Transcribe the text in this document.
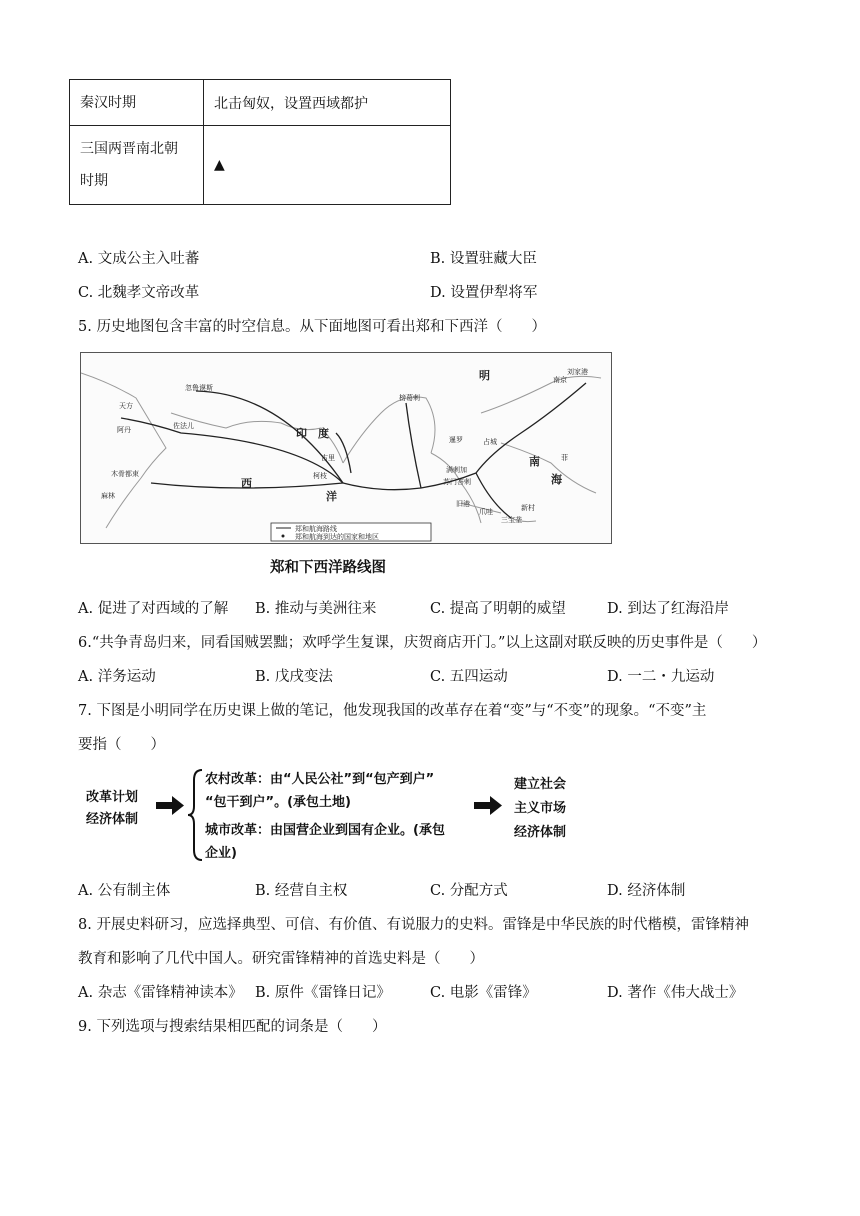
秦汉时期	北击匈奴，设置西域都护

三国两晋南北朝
时期	▲
A. 文成公主入吐蕃	B. 设置驻藏大臣
C. 北魏孝文帝改革	D. 设置伊犁将军
5. 历史地图包含丰富的时空信息。从下面地图可看出郑和下西洋（　　）
明
印　度
忽鲁谟斯
天方
阿丹	佐法儿
木骨都束
麻林
西
洋
古里
柯枝
榜葛剌
暹罗	占城
南京
刘家港
满剌加
苏门答剌
爪哇
旧港
南
海
三宝垄
新村
菲
郑和航海路线
郑和航海到达的国家和地区
郑和下西洋路线图
A. 促进了对西域的了解 B. 推动与美洲往来	C. 提高了明朝的威望	D. 到达了红海沿岸
6.“共争青岛归来，同看国贼罢黜；欢呼学生复课，庆贺商店开门。”以上这副对联反映的历史事件是（　　）
A. 洋务运动	B. 戊戌变法	C. 五四运动	D. 一二・九运动
7. 下图是小明同学在历史课上做的笔记，他发现我国的改革存在着“变”与“不变”的现象。“不变”主
要指（　　）
改革计划
经济体制
农村改革：由“人民公社”到“包产到户”
“包干到户”。(承包土地)
城市改革：由国营企业到国有企业。(承包
企业)
建立社会
主义市场
经济体制
A. 公有制主体	B. 经营自主权	C. 分配方式	D. 经济体制
8. 开展史料研习，应选择典型、可信、有价值、有说服力的史料。雷锋是中华民族的时代楷模，雷锋精神
教育和影响了几代中国人。研究雷锋精神的首选史料是（　　）
A. 杂志《雷锋精神读本》 B. 原件《雷锋日记》	C. 电影《雷锋》	D. 著作《伟大战士》
9. 下列选项与搜索结果相匹配的词条是（　　）
